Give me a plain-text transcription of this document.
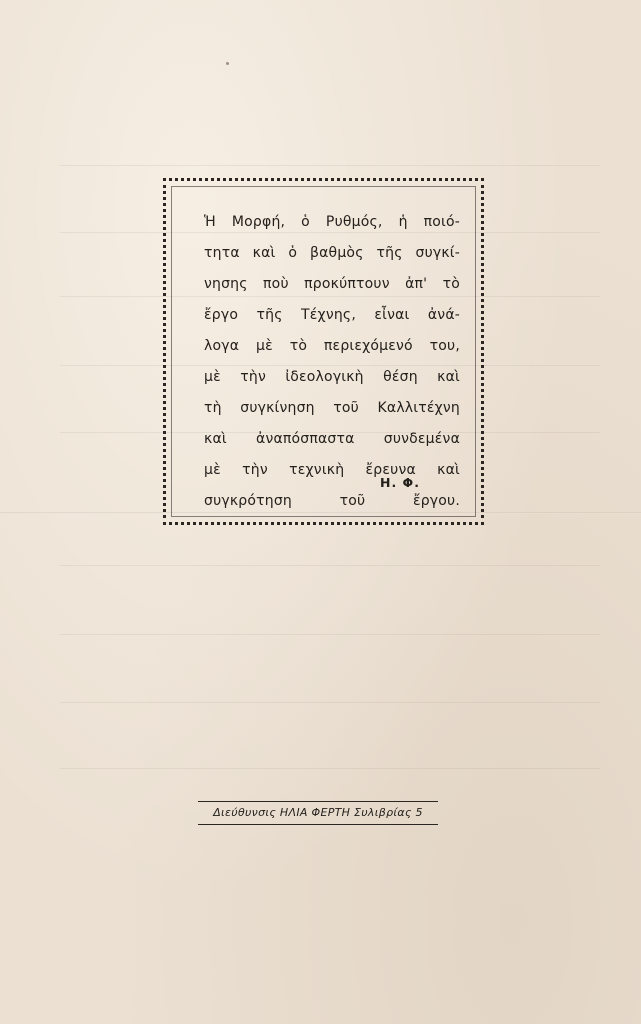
Ἡ Μορφή, ὁ Ρυθμός, ἡ ποιό-
τητα καὶ ὁ βαθμὸς τῆς συγκί-
νησης ποὺ προκύπτουν ἀπ' τὸ
ἔργο τῆς Τέχνης, εἶναι ἀνά-
λογα μὲ τὸ περιεχόμενό του,
μὲ τὴν ἰδεολογικὴ θέση καὶ
τὴ συγκίνηση τοῦ Καλλιτέχνη
καὶ ἀναπόσπαστα συνδεμένα
μὲ τὴν τεχνικὴ ἔρευνα καὶ
συγκρότηση τοῦ ἔργου.
Η. Φ.
Διεύθυνσις ΗΛΙΑ ΦΕΡΤΗ Συλιβρίας 5
